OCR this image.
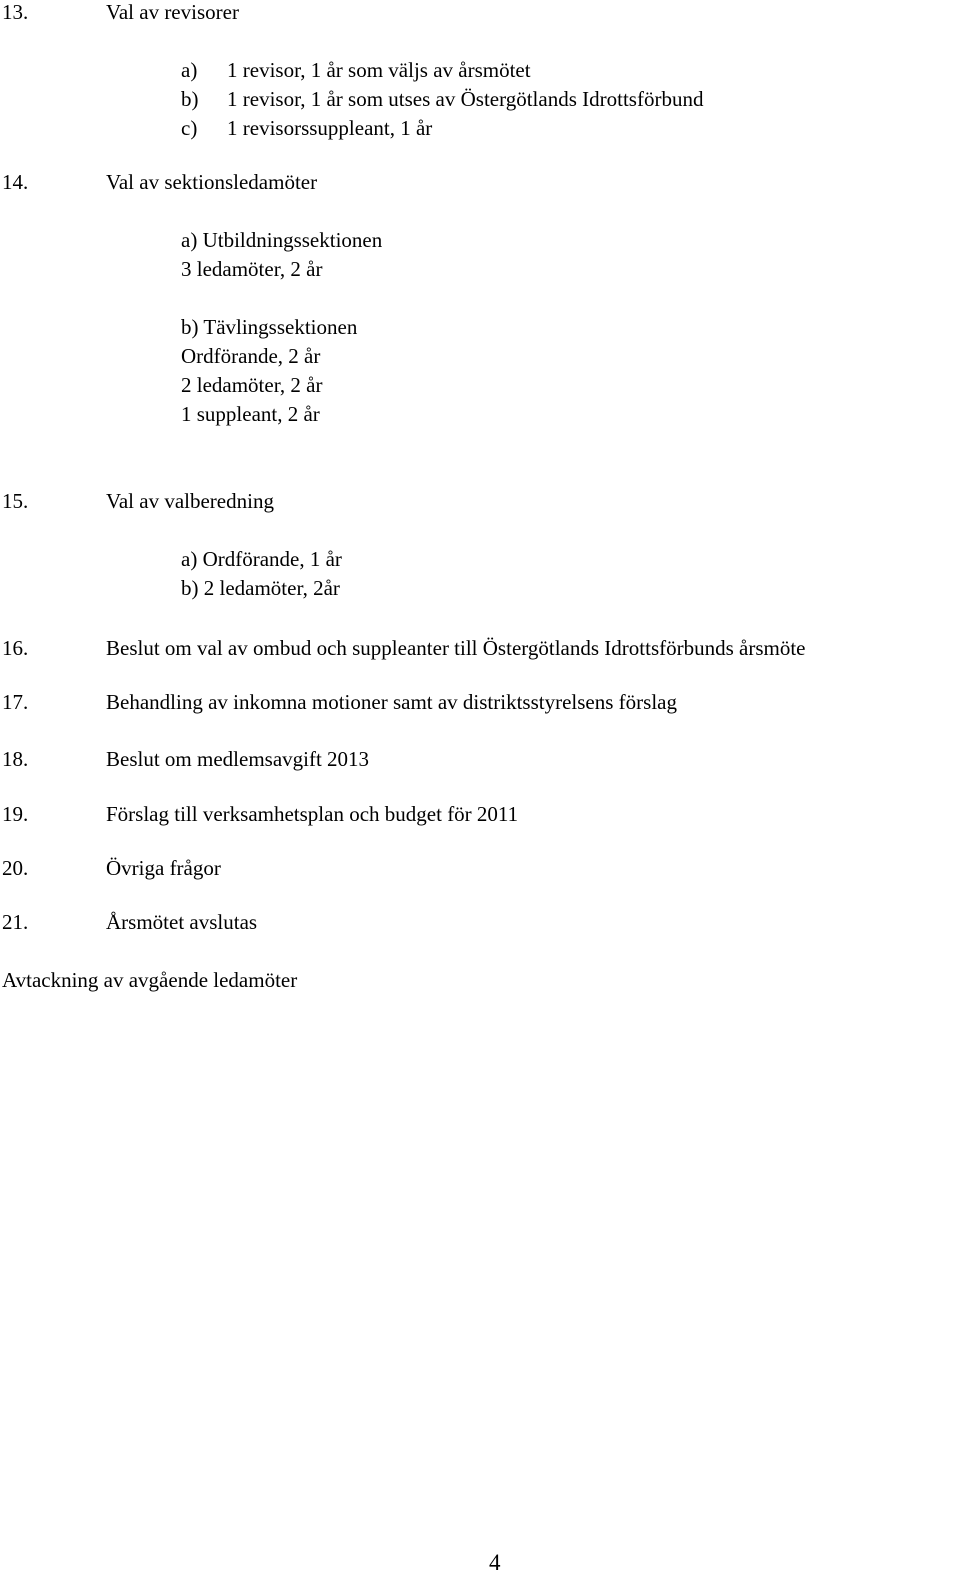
13.	Val av revisorer

a) 1 revisor, 1 år som väljs av årsmötet

b) 1 revisor, 1 år som utses av Östergötlands Idrottsförbund

c) 1 revisorssuppleant, 1 år

14.	Val av sektionsledamöter

a) Utbildningssektionen

3 ledamöter, 2 år

b) Tävlingssektionen

Ordförande, 2 år

2 ledamöter, 2 år

1 suppleant, 2 år

15.	Val av valberedning

a) Ordförande, 1 år

b) 2 ledamöter, 2år

16.	Beslut om val av ombud och suppleanter till Östergötlands Idrottsförbunds årsmöte

17.	Behandling av inkomna motioner samt av distriktsstyrelsens förslag

18.	Beslut om medlemsavgift 2013

19.	Förslag till verksamhetsplan och budget för 2011

20.	Övriga frågor

21.	Årsmötet avslutas

Avtackning av avgående ledamöter

4
